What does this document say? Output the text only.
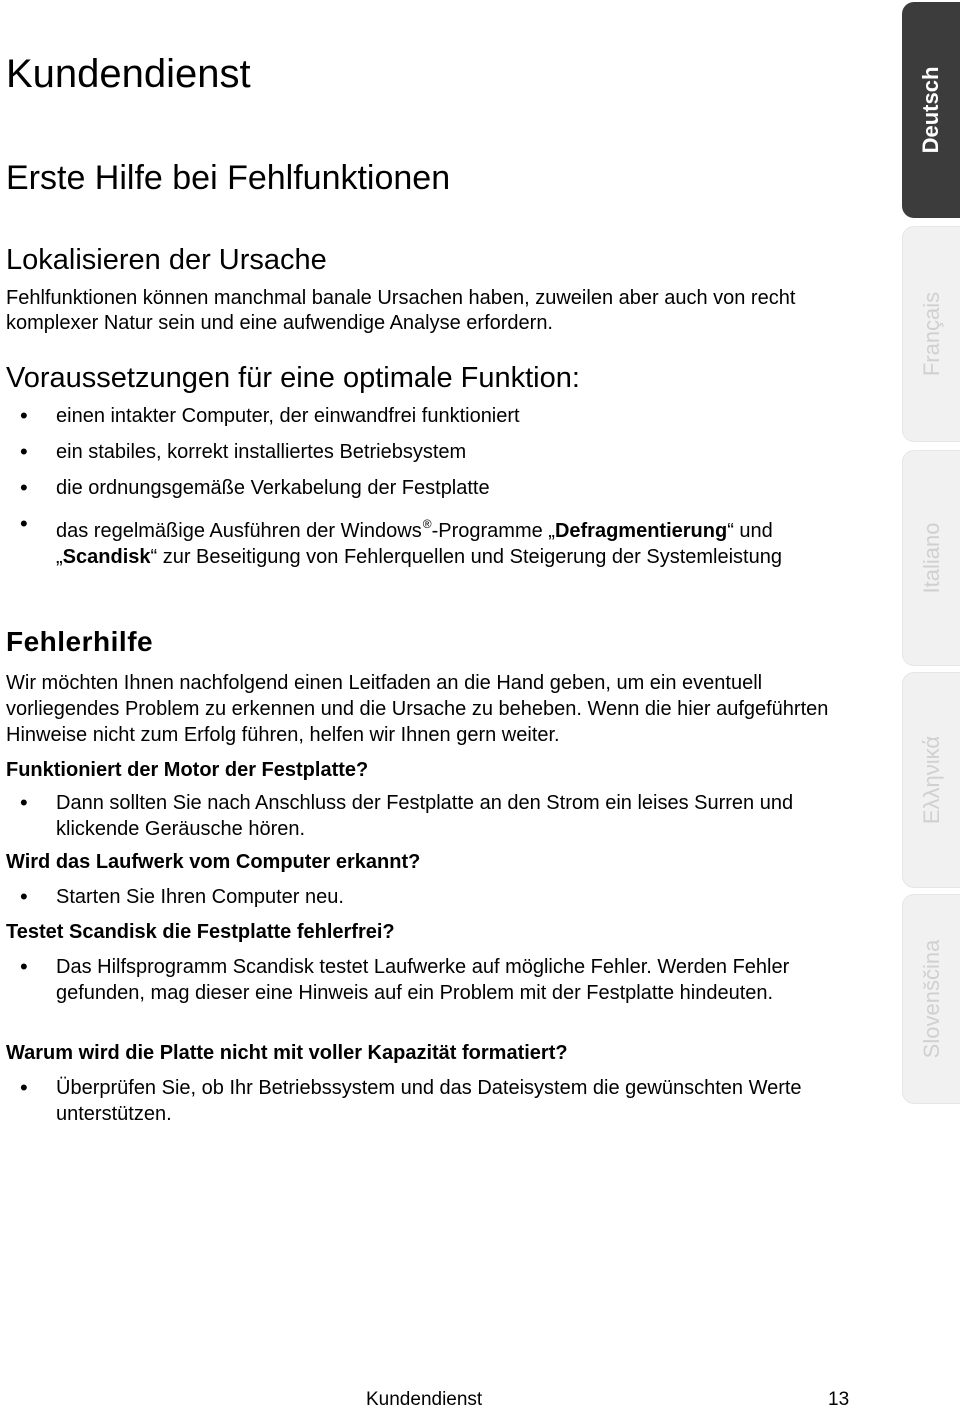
Kundendienst
Erste Hilfe bei Fehlfunktionen
Lokalisieren der Ursache

Fehlfunktionen können manchmal banale Ursachen haben, zuweilen aber auch von recht komplexer Natur sein und eine aufwendige Analyse erfordern.

Voraussetzungen für eine optimale Funktion:
• einen intakter Computer, der einwandfrei funktioniert
• ein stabiles, korrekt installiertes Betriebsystem
• die ordnungsgemäße Verkabelung der Festplatte
• das regelmäßige Ausführen der Windows®-Programme „Defragmentierung“ und „Scandisk“ zur Beseitigung von Fehlerquellen und Steigerung der Systemleistung
Fehlerhilfe

Wir möchten Ihnen nachfolgend einen Leitfaden an die Hand geben, um ein eventuell vorliegendes Problem zu erkennen und die Ursache zu beheben. Wenn die hier aufgeführten Hinweise nicht zum Erfolg führen, helfen wir Ihnen gern weiter.

Funktioniert der Motor der Festplatte?
• Dann sollten Sie nach Anschluss der Festplatte an den Strom ein leises Surren und klickende Geräusche hören.
Wird das Laufwerk vom Computer erkannt?
• Starten Sie Ihren Computer neu.
Testet Scandisk die Festplatte fehlerfrei?
• Das Hilfsprogramm Scandisk testet Laufwerke auf mögliche Fehler. Werden Fehler gefunden, mag dieser eine Hinweis auf ein Problem mit der Festplatte hindeuten.
Warum wird die Platte nicht mit voller Kapazität formatiert?
• Überprüfen Sie, ob Ihr Betriebssystem und das Dateisystem die gewünschten Werte unterstützen.
Deutsch
Français
Italiano
Ελληνικά
Slovenščina
Kundendienst	13
